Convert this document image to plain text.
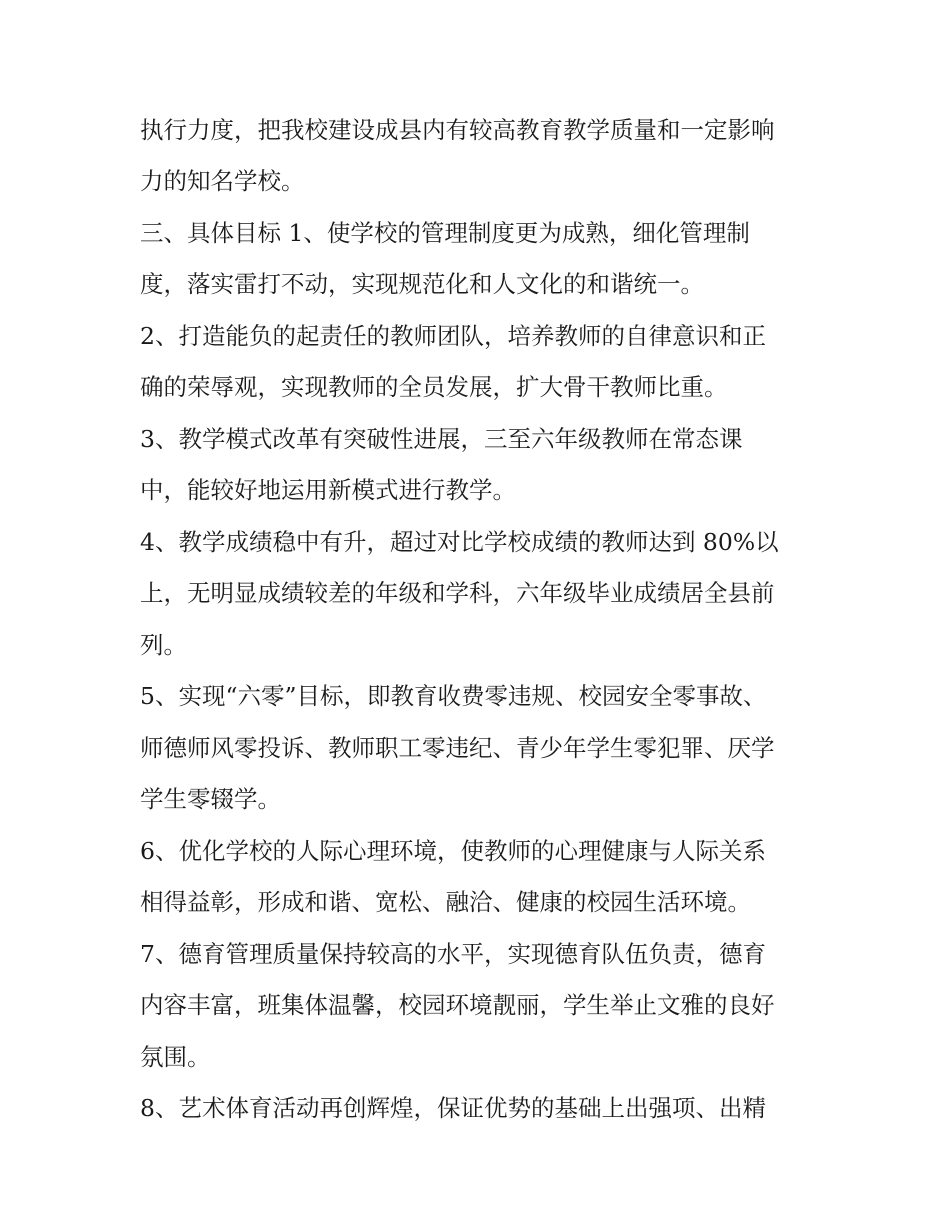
执行力度，把我校建设成县内有较高教育教学质量和一定影响
力的知名学校。
三、具体目标 1、使学校的管理制度更为成熟，细化管理制
度，落实雷打不动，实现规范化和人文化的和谐统一。
2、打造能负的起责任的教师团队，培养教师的自律意识和正
确的荣辱观，实现教师的全员发展，扩大骨干教师比重。
3、教学模式改革有突破性进展，三至六年级教师在常态课
中，能较好地运用新模式进行教学。
4、教学成绩稳中有升，超过对比学校成绩的教师达到 80%以
上，无明显成绩较差的年级和学科，六年级毕业成绩居全县前
列。
5、实现“六零”目标，即教育收费零违规、校园安全零事故、
师德师风零投诉、教师职工零违纪、青少年学生零犯罪、厌学
学生零辍学。
6、优化学校的人际心理环境，使教师的心理健康与人际关系
相得益彰，形成和谐、宽松、融洽、健康的校园生活环境。
7、德育管理质量保持较高的水平，实现德育队伍负责，德育
内容丰富，班集体温馨，校园环境靓丽，学生举止文雅的良好
氛围。
8、艺术体育活动再创辉煌，保证优势的基础上出强项、出精
